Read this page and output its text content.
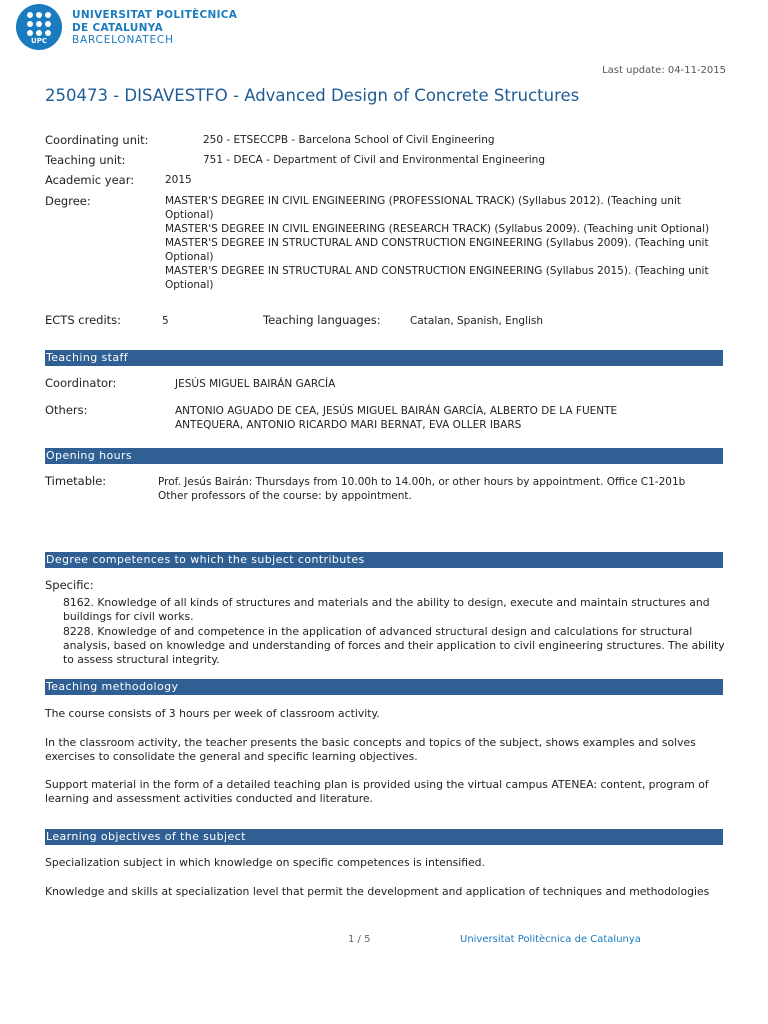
UPC
UNIVERSITAT POLITÈCNICA
DE CATALUNYA
BARCELONATECH
Last update: 04-11-2015
250473 - DISAVESTFO - Advanced Design of Concrete Structures
Coordinating unit:	250 - ETSECCPB - Barcelona School of Civil Engineering
Teaching unit:	751 - DECA - Department of Civil and Environmental Engineering
Academic year:	2015
Degree:	MASTER'S DEGREE IN CIVIL ENGINEERING (PROFESSIONAL TRACK) (Syllabus 2012). (Teaching unit Optional)
MASTER'S DEGREE IN CIVIL ENGINEERING (RESEARCH TRACK) (Syllabus 2009). (Teaching unit Optional)
MASTER'S DEGREE IN STRUCTURAL AND CONSTRUCTION ENGINEERING (Syllabus 2009). (Teaching unit Optional)
MASTER'S DEGREE IN STRUCTURAL AND CONSTRUCTION ENGINEERING (Syllabus 2015). (Teaching unit Optional)
ECTS credits:	5	Teaching languages:	Catalan, Spanish, English
Teaching staff
Coordinator:	JESÚS MIGUEL BAIRÁN GARCÍA
Others:	ANTONIO AGUADO DE CEA, JESÚS MIGUEL BAIRÁN GARCÍA, ALBERTO DE LA FUENTE ANTEQUERA, ANTONIO RICARDO MARI BERNAT, EVA OLLER IBARS
Opening hours
Timetable:	Prof. Jesús Bairán: Thursdays from 10.00h to 14.00h, or other hours by appointment. Office C1-201b
Other professors of the course: by appointment.
Degree competences to which the subject contributes
Specific:
8162. Knowledge of all kinds of structures and materials and the ability to design, execute and maintain structures and buildings for civil works.
8228. Knowledge of and competence in the application of advanced structural design and calculations for structural analysis, based on knowledge and understanding of forces and their application to civil engineering structures. The ability to assess structural integrity.
Teaching methodology
The course consists of 3 hours per week of classroom activity.
In the classroom activity, the teacher presents the basic concepts and topics of the subject, shows examples and solves exercises to consolidate the general and specific learning objectives.
Support material in the form of a detailed teaching plan is provided using the virtual campus ATENEA: content, program of learning and assessment activities conducted and literature.
Learning objectives of the subject
Specialization subject in which knowledge on specific competences is intensified.
Knowledge and skills at specialization level that permit the development and application of techniques and methodologies
1 / 5	Universitat Politècnica de Catalunya
